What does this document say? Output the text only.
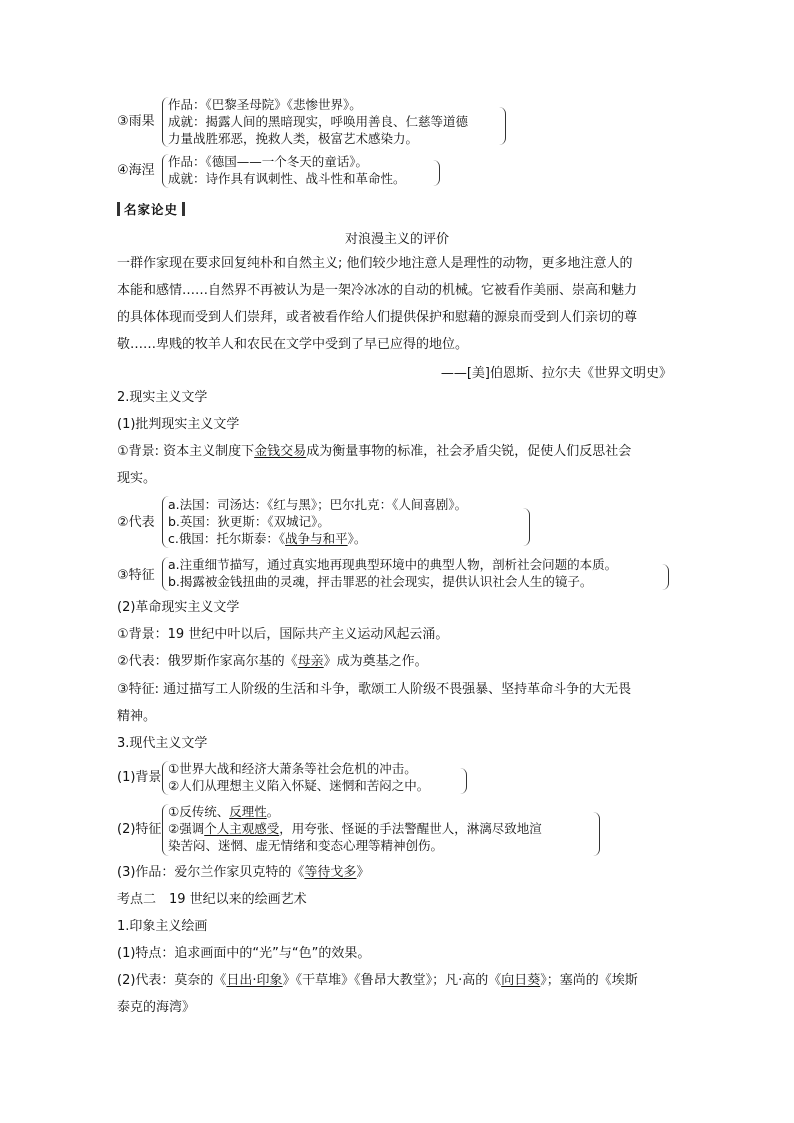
③雨果
作品：《巴黎圣母院》《悲惨世界》。
成就：揭露人间的黑暗现实，呼唤用善良、仁慈等道德
力量战胜邪恶，挽救人类，极富艺术感染力。
④海涅
作品：《德国——一个冬天的童话》。
成就：诗作具有讽刺性、战斗性和革命性。
名家论史
对浪漫主义的评价
一群作家现在要求回复纯朴和自然主义; 他们较少地注意人是理性的动物，更多地注意人的
本能和感情……自然界不再被认为是一架冷冰冰的自动的机械。它被看作美丽、崇高和魅力
的具体体现而受到人们崇拜，或者被看作给人们提供保护和慰藉的源泉而受到人们亲切的尊
敬……卑贱的牧羊人和农民在文学中受到了早已应得的地位。
——[美]伯恩斯、拉尔夫《世界文明史》
2.现实主义文学
(1)批判现实主义文学
①背景: 资本主义制度下金钱交易成为衡量事物的标准，社会矛盾尖锐，促使人们反思社会
现实。
②代表
a.法国：司汤达：《红与黑》；巴尔扎克：《人间喜剧》。
b.英国：狄更斯：《双城记》。
c.俄国：托尔斯泰：《战争与和平》。
③特征
a.注重细节描写，通过真实地再现典型环境中的典型人物，剖析社会问题的本质。
b.揭露被金钱扭曲的灵魂，抨击罪恶的社会现实，提供认识社会人生的镜子。
(2)革命现实主义文学
①背景：19 世纪中叶以后，国际共产主义运动风起云涌。
②代表：俄罗斯作家高尔基的《母亲》成为奠基之作。
③特征: 通过描写工人阶级的生活和斗争，歌颂工人阶级不畏强暴、坚持革命斗争的大无畏
精神。
3.现代主义文学
(1)背景
①世界大战和经济大萧条等社会危机的冲击。
②人们从理想主义陷入怀疑、迷惘和苦闷之中。
(2)特征
①反传统、反理性。
②强调个人主观感受，用夸张、怪诞的手法警醒世人，淋漓尽致地渲
染苦闷、迷惘、虚无情绪和变态心理等精神创伤。
(3)作品：爱尔兰作家贝克特的《等待戈多》
考点二　19 世纪以来的绘画艺术
1.印象主义绘画
(1)特点：追求画面中的“光”与“色”的效果。
(2)代表：莫奈的《日出·印象》《干草堆》《鲁昂大教堂》；凡·高的《向日葵》；塞尚的《埃斯
泰克的海湾》
